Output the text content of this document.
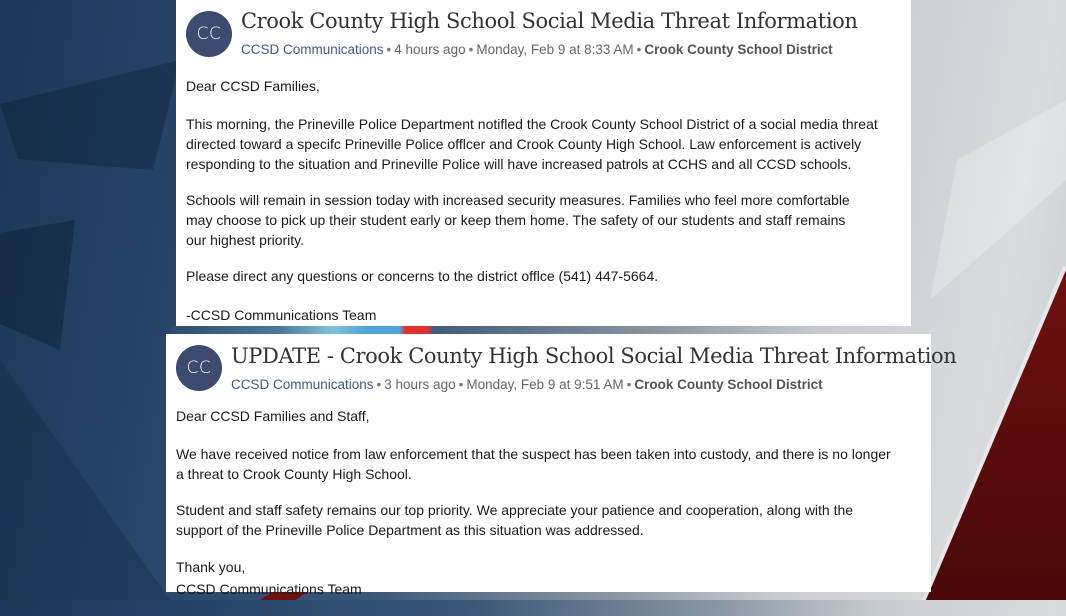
CC
Crook County High School Social Media Threat Information
CCSD Communications • 4 hours ago • Monday, Feb 9 at 8:33 AM • Crook County School District

Dear CCSD Families,

This morning, the Prineville Police Department notifled the Crook County School District of a social media threat
directed toward a specifc Prineville Police offlcer and Crook County High School. Law enforcement is actively
responding to the situation and Prineville Police will have increased patrols at CCHS and all CCSD schools.

Schools will remain in session today with increased security measures. Families who feel more comfortable
may choose to pick up their student early or keep them home. The safety of our students and staff remains
our highest priority.

Please direct any questions or concerns to the district offlce (541) 447-5664.

-CCSD Communications Team

CC UPDATE - Crook County High School Social Media Threat Information
CCSD Communications • 3 hours ago • Monday, Feb 9 at 9:51 AM • Crook County School District

Dear CCSD Families and Staff,

We have received notice from law enforcement that the suspect has been taken into custody, and there is no longer
a threat to Crook County High School.

Student and staff safety remains our top priority. We appreciate your patience and cooperation, along with the
support of the Prineville Police Department as this situation was addressed.

Thank you,
CCSD Communications Team
